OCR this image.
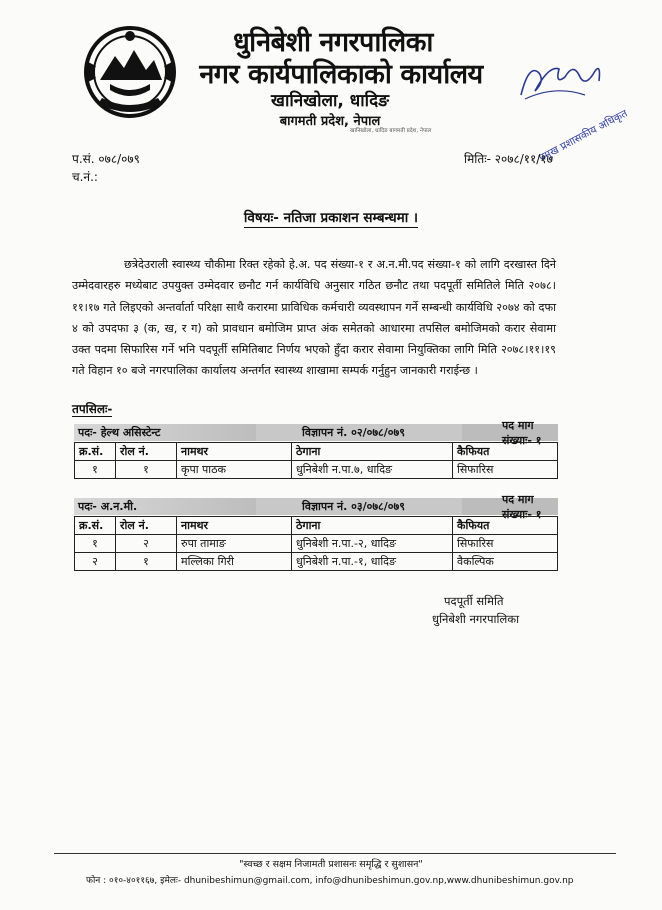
धुनिबेशी नगरपालिका
नगर कार्यपालिकाको कार्यालय
खानिखोला, धादिङ
बागमती प्रदेश, नेपाल	प्रमुख प्रशासकीय अधिकृत
खानिखोला, धादिङ बागमती प्रदेश, नेपाल
प.सं. ०७८/०७९
च.नं.:
मितिः- २०७८/११/१७
विषयः- नतिजा प्रकाशन सम्बन्धमा ।
छत्रेदेउराली स्वास्थ्य चौकीमा रिक्त रहेको हे.अ. पद संख्या-१ र अ.न.मी.पद संख्या-१ को लागि दरखास्त दिने उम्मेदवारहरु मध्येबाट उपयुक्त उम्मेदवार छनौट गर्न कार्यविधि अनुसार गठित छनौट तथा पदपूर्ती समितिले मिति २०७८।११।१७ गते लिइएको अन्तर्वार्ता परिक्षा साथै करारमा प्राविधिक कर्मचारी व्यवस्थापन गर्ने सम्बन्धी कार्यविधि २०७४ को दफा ४ को उपदफा ३ (क, ख, र ग) को प्रावधान बमोजिम प्राप्त अंक समेतको आधारमा तपसिल बमोजिमको करार सेवामा उक्त पदमा सिफारिस गर्ने भनि पदपूर्ती समितिबाट निर्णय भएको हुँदा करार सेवामा नियुक्तिका लागि मिति २०७८।११।१९ गते विहान १० बजे नगरपालिका कार्यालय अन्तर्गत स्वास्थ्य शाखामा सम्पर्क गर्नुहुन जानकारी गराईन्छ ।
तपसिलः-
पदः- हेल्थ असिस्टेन्ट	विज्ञापन नं. ०२/०७८/०७९
पद माग संख्याः- १
क्र.सं.	रोल नं.	नामथर	ठेगाना	कैफियत
१	१	कृपा पाठक	धुनिबेशी न.पा.७, धादिङ	सिफारिस
पदः- अ.न.मी.	विज्ञापन नं. ०३/०७८/०७९
पद माग संख्याः- १
क्र.सं.	रोल नं.	नामथर	ठेगाना	कैफियत
१	२	रुपा तामाङ	धुनिबेशी न.पा.-२, धादिङ	सिफारिस
२	१	मल्लिका गिरी	धुनिबेशी न.पा.-१, धादिङ	वैकल्पिक
पदपूर्ती समिति
धुनिबेशी नगरपालिका
"स्वच्छ र सक्षम निजामती प्रशासनः समृद्धि र सुशासन"
फोन : ०१०-४०११६७, इमेलः- dhunibeshimun@gmail.com, info@dhunibeshimun.gov.np,www.dhunibeshimun.gov.np
